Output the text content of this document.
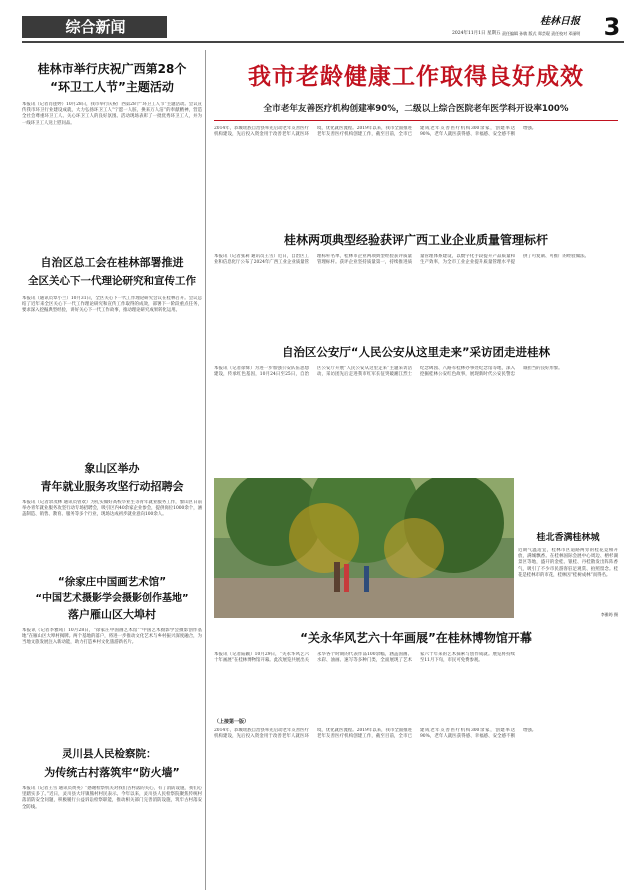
综合新闻	桂林日报
2024年11月1日 星期五 责任编辑 孙敏 版式 郑芸琨 责任校对 邓丽明 3
桂林市举行庆祝广西第28个
“环卫工人节”主题活动
本报讯（记者肖莲婷）10月28日，我市举行庆祝广西第28个“环卫工人节”主题活动。会议宣传我市环卫行业建设成就，大力弘扬环卫工人“宁愿一人脏，换来万人洁”的奉献精神，营造全社会尊重环卫工人、关心环卫工人的良好氛围。活动现场表彰了一批优秀环卫工人，并为一线环卫工人送上慰问品。
自治区总工会在桂林部署推进
全区关心下一代理论研究和宣传工作
本报讯（通讯员覃小兰）10月31日，全区关心下一代工作理论研究会议在桂林召开。会议总结了近年来全区关心下一代工作理论研究和宣传工作取得的成效，部署下一阶段重点任务，要求深入挖掘典型经验，讲好关心下一代工作故事，推动理论研究成果转化运用。
象山区举办
青年就业服务攻坚行动招聘会
本报讯（记者余茂林 通讯员曾欢）为扎实做好高校毕业生等青年就业服务工作，象山区日前举办青年就业服务攻坚行动专场招聘会，吸引区内40余家企业参会，提供岗位1000余个，涵盖制造、销售、教育、服务等多个行业，现场达成初步就业意向100余人。
“徐家庄中国画艺术馆”
“中国艺术摄影学会摄影创作基地”
落户雁山区大埠村
本报讯（记者李雅筠）10月28日，“徐家庄中国画艺术馆”“中国艺术摄影学会摄影创作基地”在雁山区大埠村揭牌。两个基地的落户，将进一步推动文化艺术与乡村振兴深度融合，为当地文旅发展注入新动能，助力打造乡村文化旅游新名片。
灵川县人民检察院：
为传统古村落筑牢“防火墙”
本报讯（记者王雪 通讯员黄英）“感谢检察机关对我们古村落的关心，有了消防设施，我们心里踏实多了。”近日，灵川县大圩镇熊村村民表示。今年以来，灵川县人民检察院聚焦传统村落消防安全问题，积极履行公益诉讼检察职能，推动相关部门完善消防设施，筑牢古村落安全防线。
我市老龄健康工作取得良好成效
全市老年友善医疗机构创建率90%，二级以上综合医院老年医学科开设率100%
2014年，恭城瑶族自治县率先启动老年友善医疗机构建设，先后投入资金用于改善老年人就医环境，优化就医流程。2019年以来，我市全面推进老年友善医疗机构创建工作，截至目前，全市已建成老年友善医疗机构300余家，创建率达90%，老年人就医获得感、幸福感、安全感不断增强。
桂林两项典型经验获评广西工业企业质量管理标杆
本报讯（记者张莉 通讯员王雪）近日，自治区工业和信息化厅公布了2024年广西工业企业质量管理标杆名单，桂林市企业两项典型经验获评质量管理标杆。获评企业坚持质量第一，持续推进质量管理体系建设，以数字化手段提升产品质量和生产效率，为全市工业企业提升质量管理水平提供了可复制、可推广的经验做法。
自治区公安厅“人民公安从这里走来”采访团走进桂林
本报讯（记者徐辉）为进一步加强公安队伍思想建设，传承红色基因，10月24日至25日，自治区公安厅开展“人民公安从这里走来”主题采访活动，采访团先后走进我市红军长征突破湘江烈士纪念碑园、八路军桂林办事处纪念馆等地，深入挖掘桂林公安红色故事，展现新时代公安民警忠诚担当的良好形象。
桂北香满桂林城
近期气温适宜，桂林市区道路两旁的桂花竞相开放，满城飘香。在桂林国际会展中心周边、榕杉湖景区等地，盛开的金桂、银桂、丹桂散发出阵阵香气，吸引了不少市民游客驻足观赏、拍照留念。桂花是桂林市的市花，桂林因“桂树成林”而得名。
李雅筠 摄
“关永华风艺六十年画展”在桂林博物馆开幕
本报讯（记者陆颖）10月29日，“关永华风艺六十年画展”在桂林博物馆开幕。此次展览共展出关永华各个时期的代表作品100余幅，涵盖国画、水彩、油画、速写等多种门类，全面展现了艺术家六十年来的艺术探索与创作成就。展览将持续至11月下旬，市民可免费参观。
（上接第一版）
2014年，恭城瑶族自治县率先启动老年友善医疗机构建设，先后投入资金用于改善老年人就医环境，优化就医流程。2019年以来，我市全面推进老年友善医疗机构创建工作，截至目前，全市已建成老年友善医疗机构300余家，创建率达90%，老年人就医获得感、幸福感、安全感不断增强。
